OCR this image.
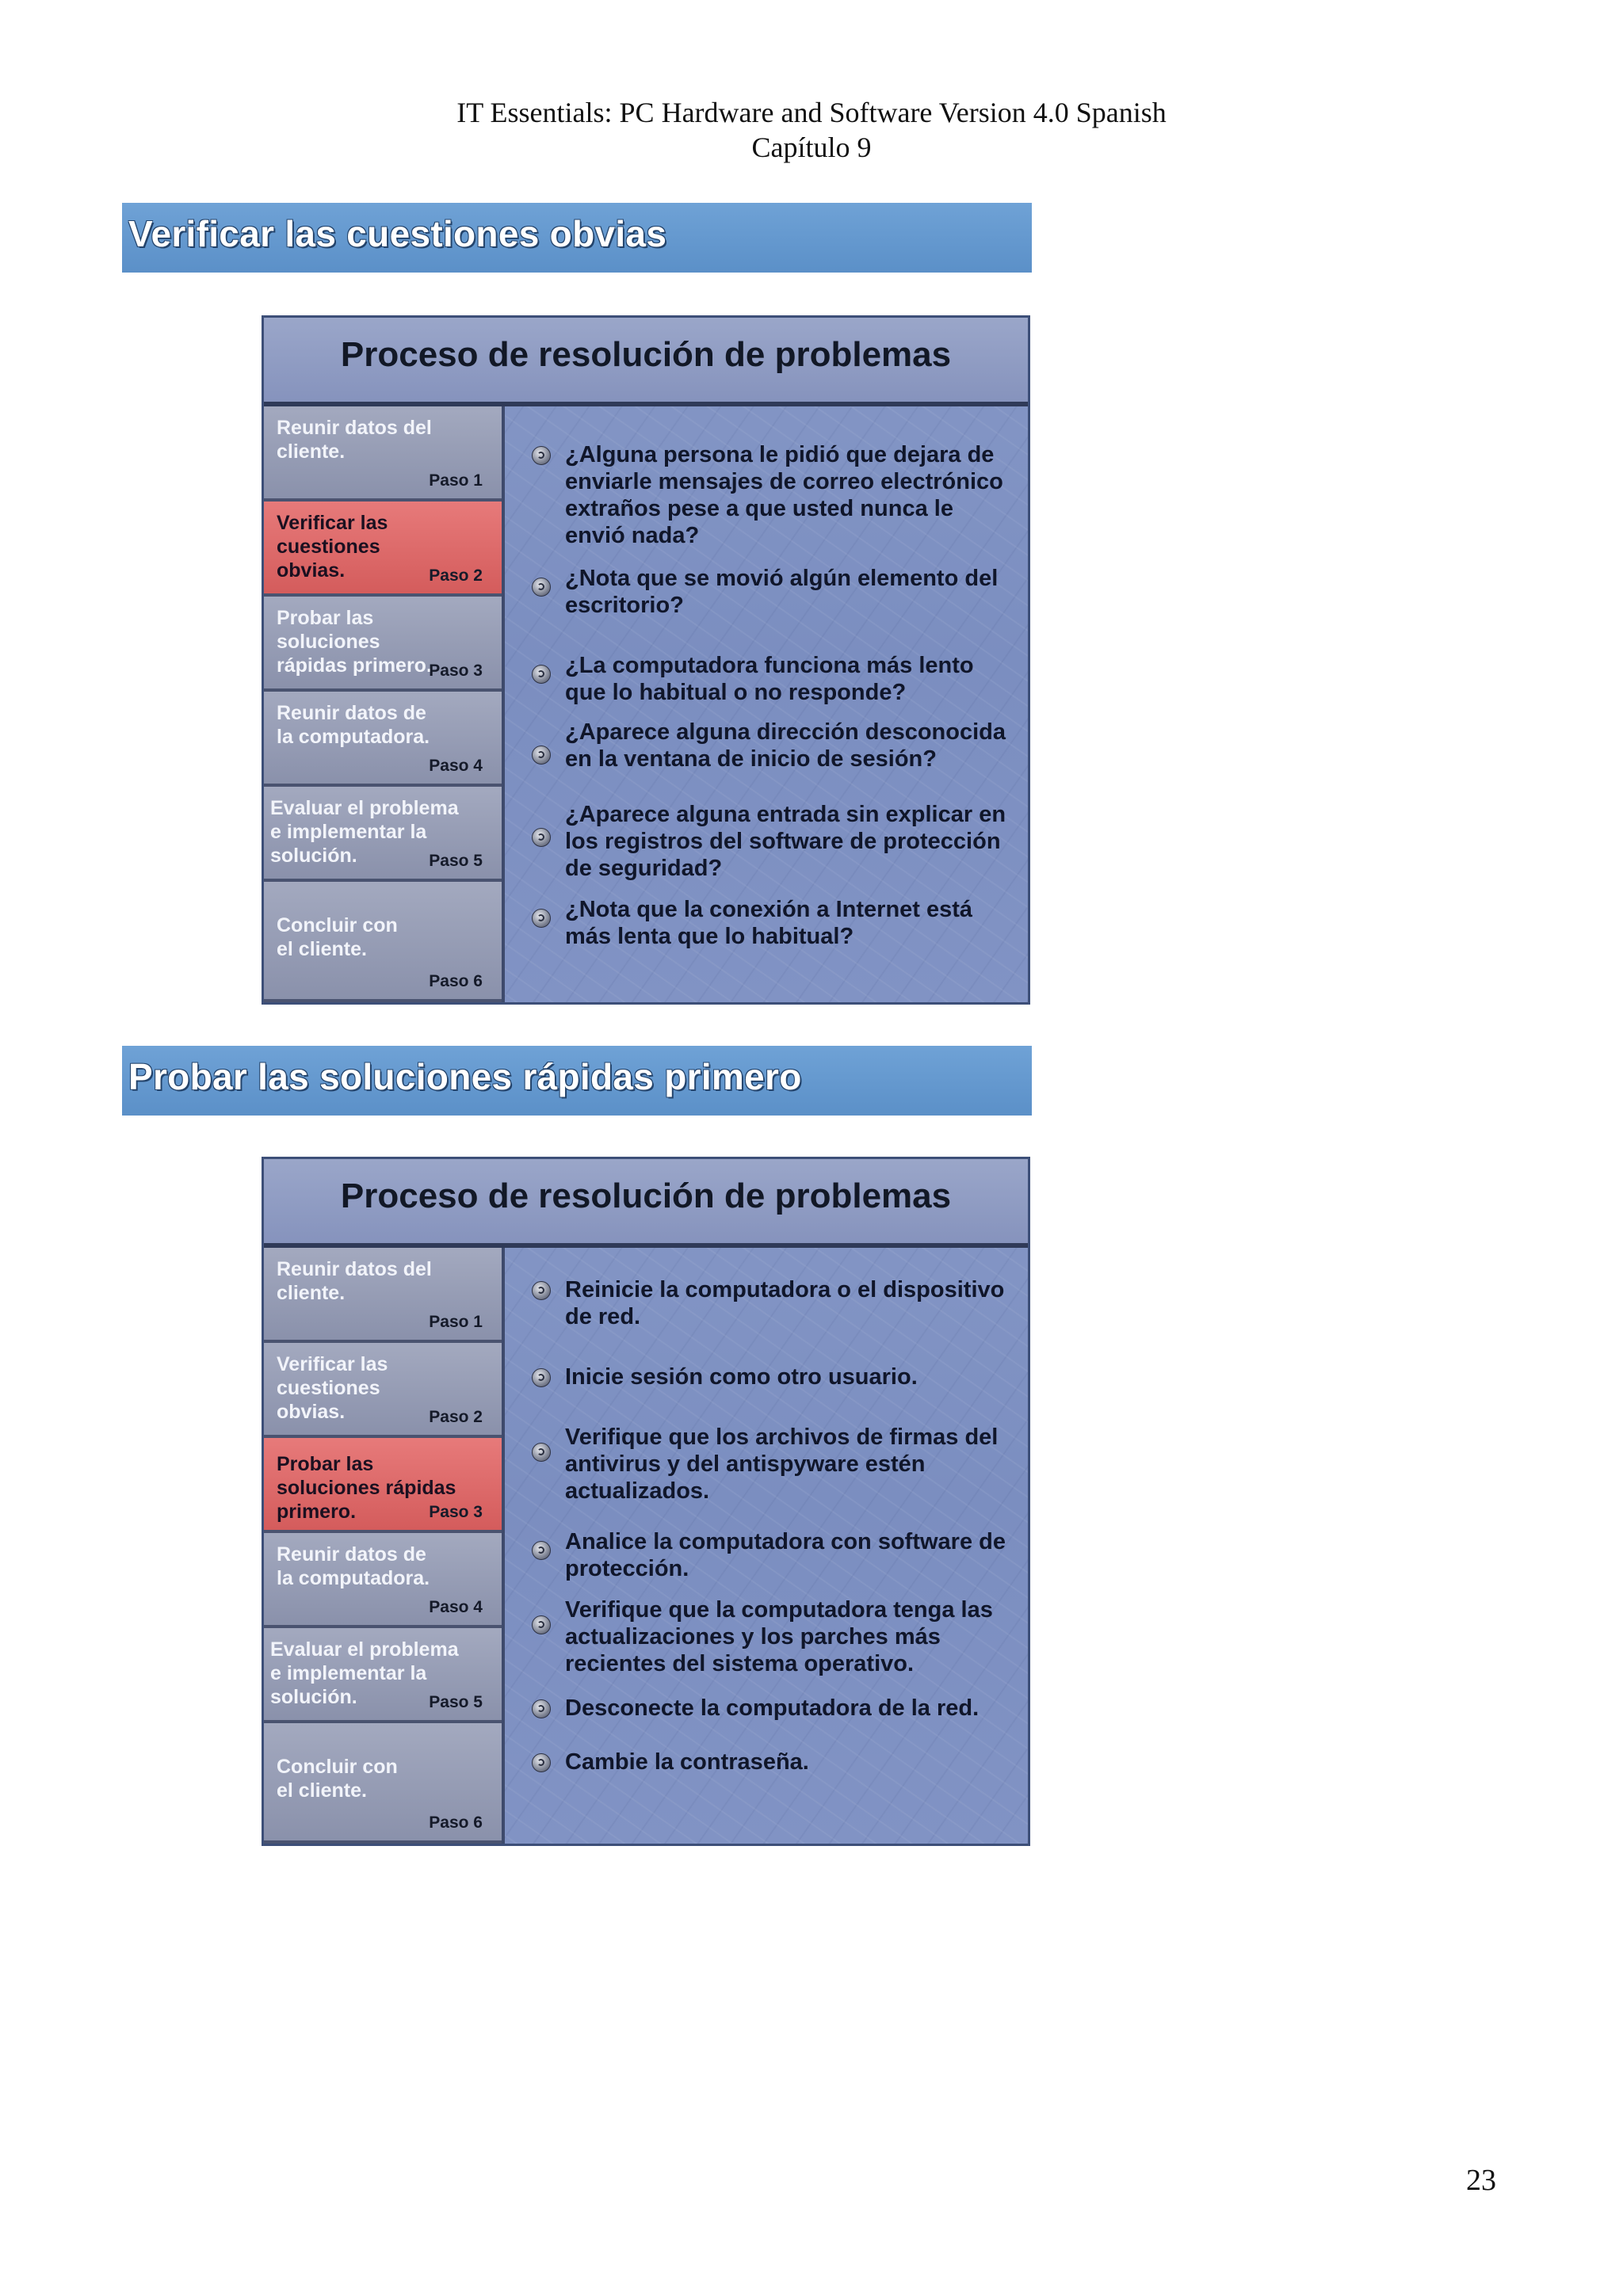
IT Essentials: PC Hardware and Software Version 4.0 Spanish
Capítulo 9
Verificar las cuestiones obvias
Proceso de resolución de problemas
Reunir datos del
cliente.
Paso 1
Verificar las
cuestiones
obvias.	Paso 2
Probar las
soluciones
rápidas primero.
Paso 3
Reunir datos de
la computadora.
Paso 4
Evaluar el problema
e implementar la
solución.	Paso 5
Concluir con
el cliente.
Paso 6
¿Alguna persona le pidió que dejara de enviarle mensajes de correo electrónico extraños pese a que usted nunca le envió nada?
¿Nota que se movió algún elemento del escritorio?
¿La computadora funciona más lento que lo habitual o no responde?
¿Aparece alguna dirección desconocida en la ventana de inicio de sesión?
¿Aparece alguna entrada sin explicar en los registros del software de protección de seguridad?
¿Nota que la conexión a Internet está más lenta que lo habitual?
Probar las soluciones rápidas primero
Proceso de resolución de problemas
Reunir datos del
cliente.
Paso 1
Verificar las
cuestiones
obvias.	Paso 2
Probar las
soluciones rápidas
primero.	Paso 3
Reunir datos de
la computadora.
Paso 4
Evaluar el problema
e implementar la
solución.	Paso 5
Concluir con
el cliente.
Paso 6
Reinicie la computadora o el dispositivo de red.
Inicie sesión como otro usuario.
Verifique que los archivos de firmas del antivirus y del antispyware estén actualizados.
Analice la computadora con software de protección.
Verifique que la computadora tenga las actualizaciones y los parches más recientes del sistema operativo.
Desconecte la computadora de la red.
Cambie la contraseña.
23
